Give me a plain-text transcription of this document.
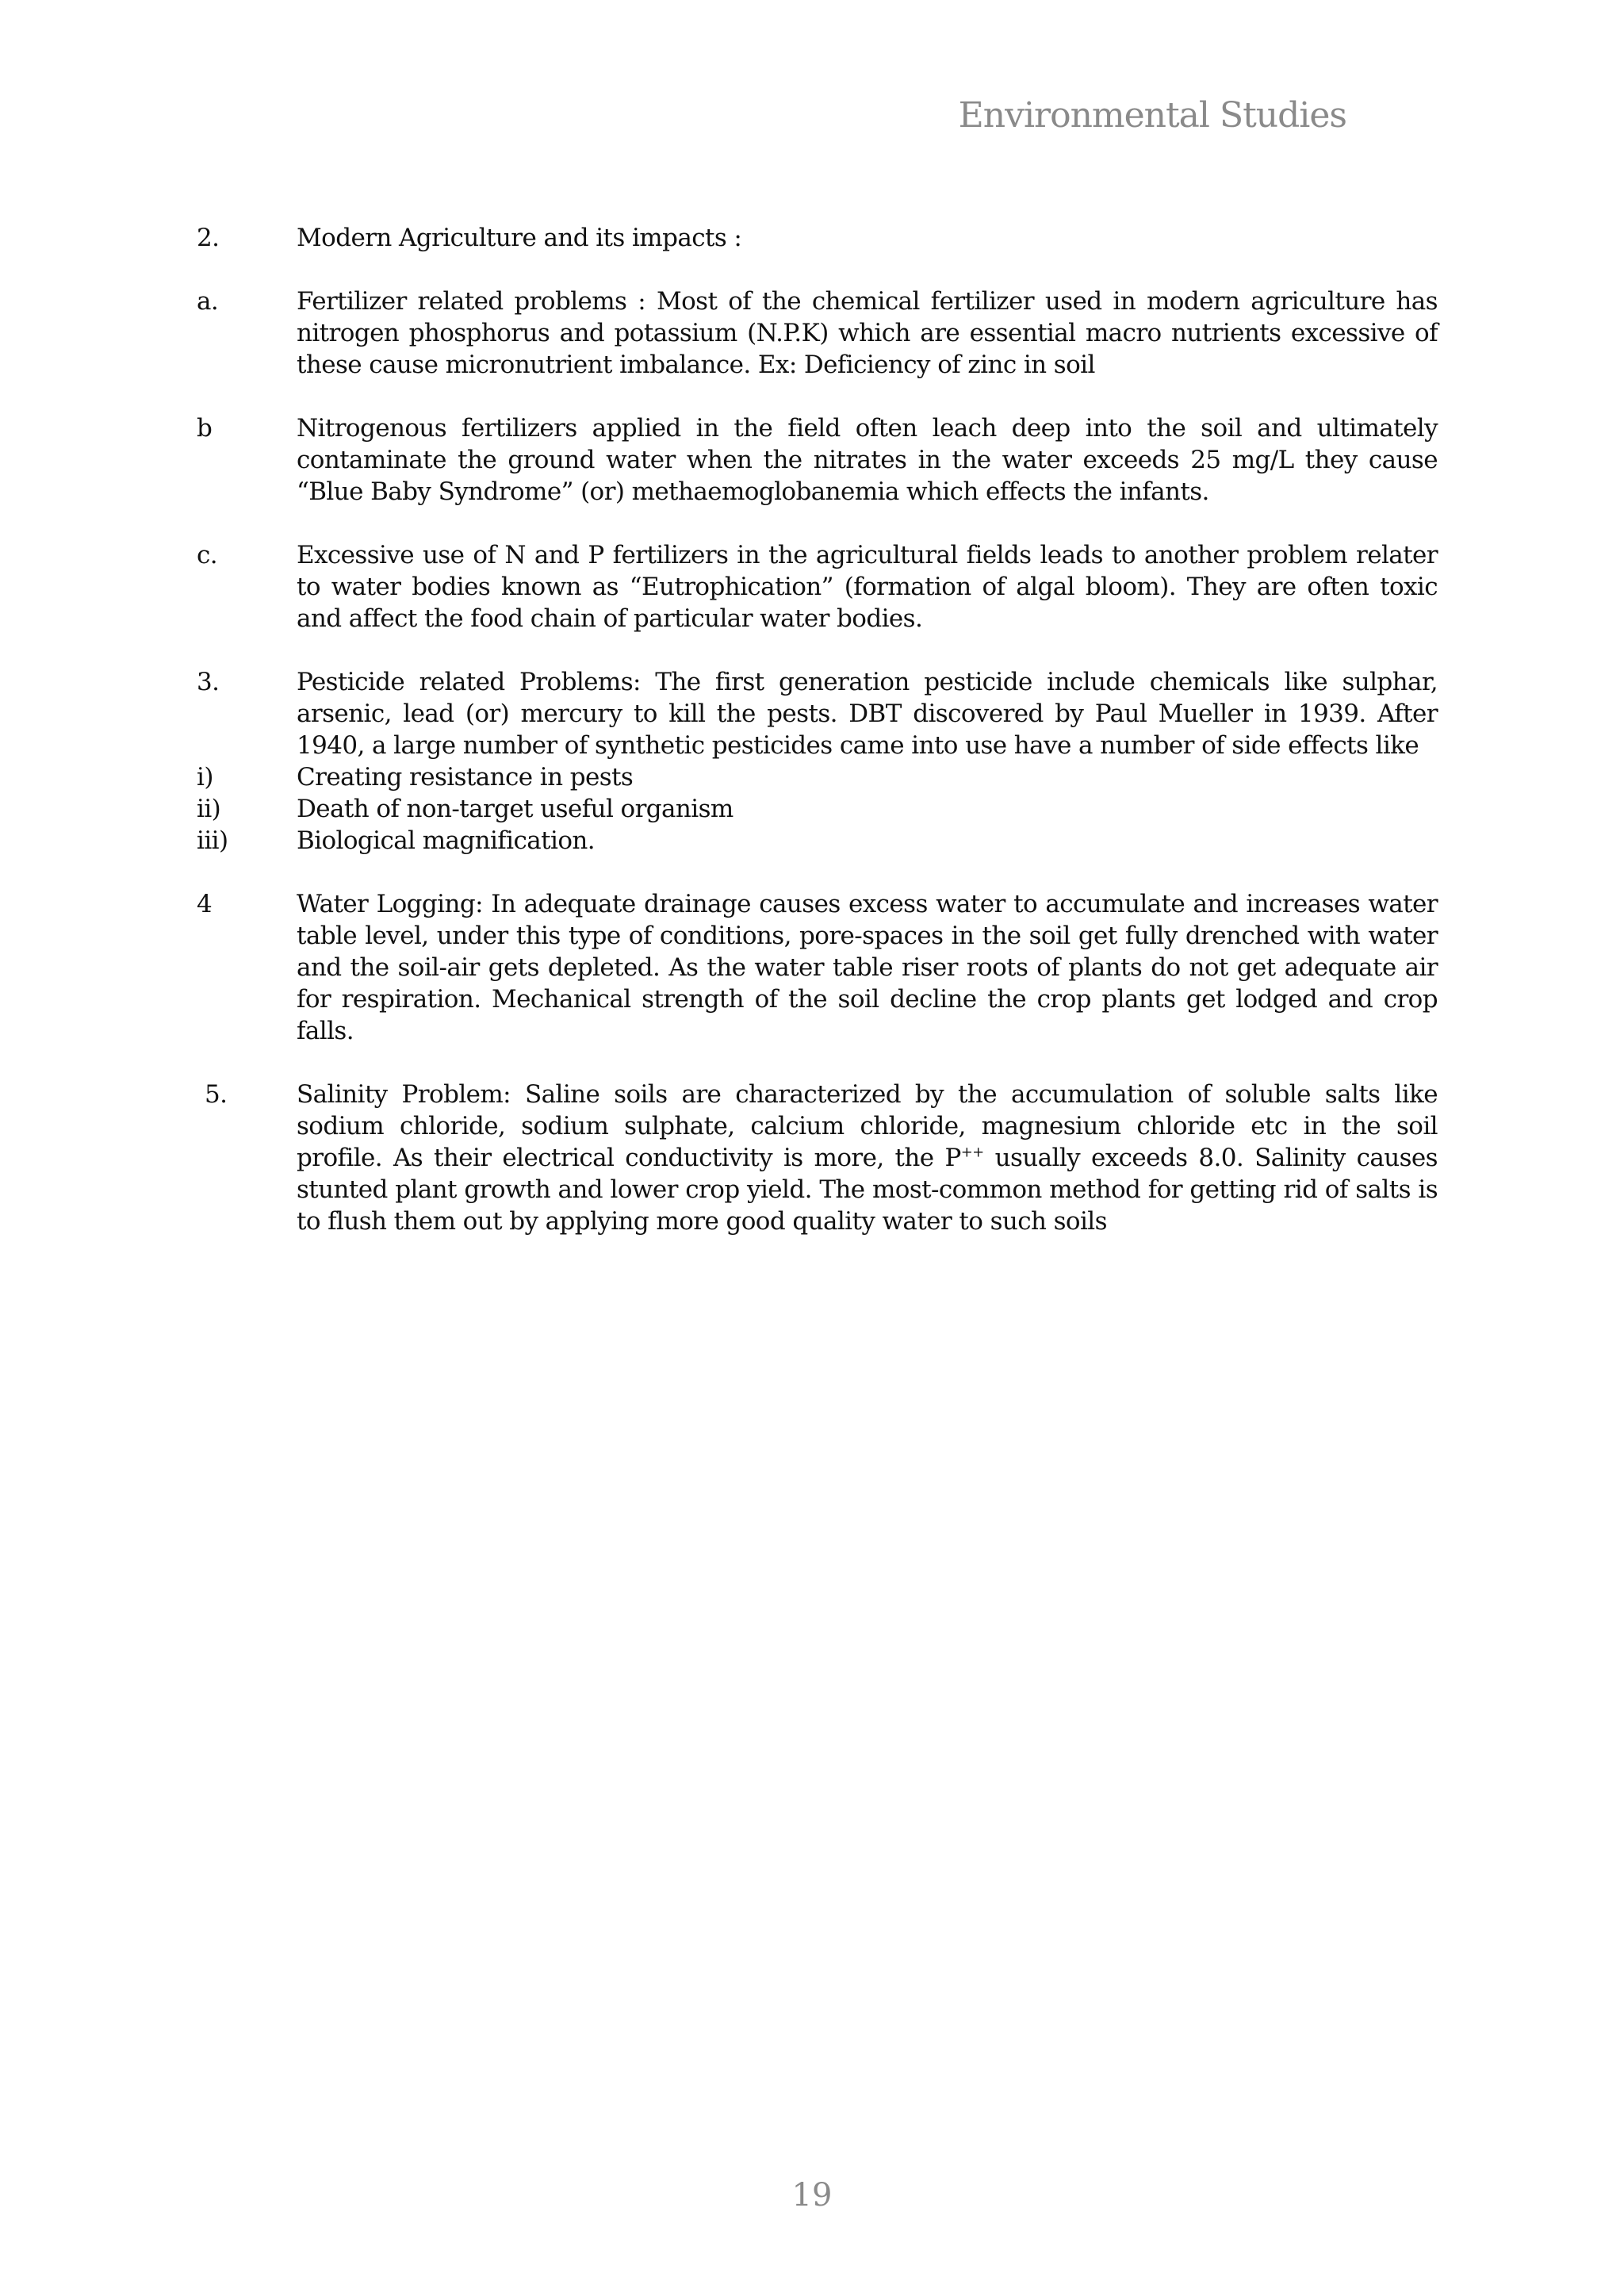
Environmental Studies
2.	Modern Agriculture and its impacts :

a.	Fertilizer related problems : Most of the chemical fertilizer used in modern agriculture has nitrogen phosphorus and potassium (N.P.K) which are essential macro nutrients excessive of these cause micronutrient imbalance. Ex: Deficiency of zinc in soil

b	Nitrogenous fertilizers applied in the field often leach deep into the soil and ultimately contaminate the ground water when the nitrates in the water exceeds 25 mg/L they cause “Blue Baby Syndrome” (or) methaemoglobanemia which effects the infants.

c.	Excessive use of N and P fertilizers in the agricultural fields leads to another problem relater to water bodies known as “Eutrophication” (formation of algal bloom). They are often toxic and affect the food chain of particular water bodies.

3.	Pesticide related Problems: The first generation pesticide include chemicals like sulphar, arsenic, lead (or) mercury to kill the pests. DBT discovered by Paul Mueller in 1939. After 1940, a large number of synthetic pesticides came into use have a number of side effects like

i)	Creating resistance in pests

ii)	Death of non-target useful organism

iii)	Biological magnification.

4	Water Logging: In adequate drainage causes excess water to accumulate and increases water table level, under this type of conditions, pore-spaces in the soil get fully drenched with water and the soil-air gets depleted. As the water table riser roots of plants do not get adequate air for respiration. Mechanical strength of the soil decline the crop plants get lodged and crop falls.

5.	Salinity Problem: Saline soils are characterized by the accumulation of soluble salts like sodium chloride, sodium sulphate, calcium chloride, magnesium chloride etc in the soil profile. As their electrical conductivity is more, the P++ usually exceeds 8.0. Salinity causes stunted plant growth and lower crop yield. The most-common method for getting rid of salts is to flush them out by applying more good quality water to such soils

19
